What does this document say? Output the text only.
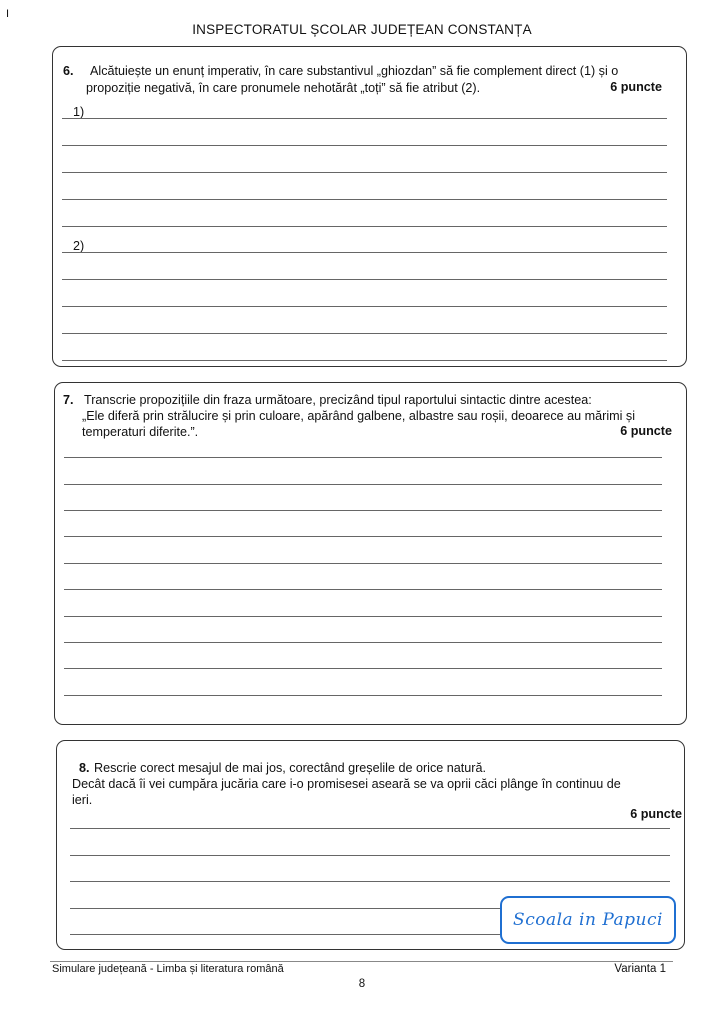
I
INSPECTORATUL ȘCOLAR JUDEȚEAN CONSTANȚA
6. Alcătuiește un enunț imperativ, în care substantivul „ghiozdan” să fie complement direct (1) și o
propoziție negativă, în care pronumele nehotărât „toți” să fie atribut (2).	6 puncte
1)
2)
7. Transcrie propozițiile din fraza următoare, precizând tipul raportului sintactic dintre acestea:
„Ele diferă prin strălucire și prin culoare, apărând galbene, albastre sau roșii, deoarece au mărimi și
temperaturi diferite.”.	6 puncte
8. Rescrie corect mesajul de mai jos, corectând greșelile de orice natură.
Decât dacă îi vei cumpăra jucăria care i-o promisesei aseară se va oprii căci plânge în continuu de
ieri.
6 puncte
Scoala in Papuci
Simulare județeană - Limba și literatura română	Varianta 1
8
